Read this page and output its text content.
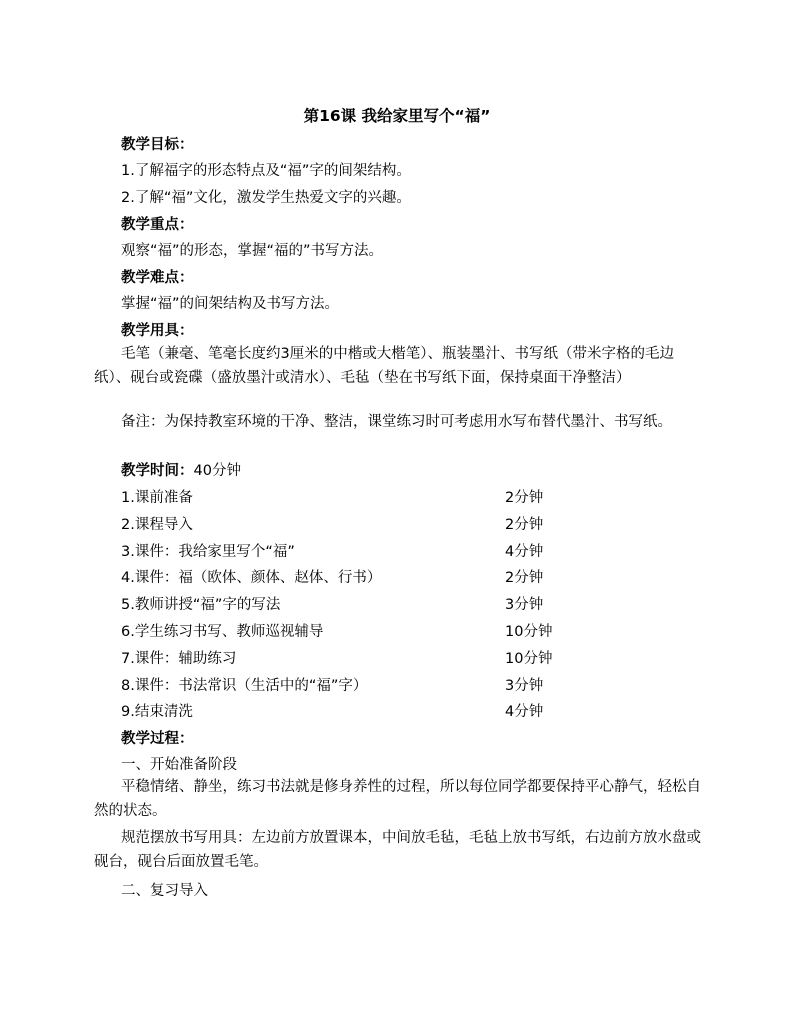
第16课 我给家里写个“福”
教学目标：
1.了解福字的形态特点及“福”字的间架结构。
2.了解“福”文化，激发学生热爱文字的兴趣。
教学重点：
观察“福”的形态，掌握“福的”书写方法。
教学难点：
掌握“福”的间架结构及书写方法。
教学用具：
毛笔（兼毫、笔毫长度约3厘米的中楷或大楷笔）、瓶装墨汁、书写纸（带米字格的毛边纸）、砚台或瓷碟（盛放墨汁或清水）、毛毡（垫在书写纸下面，保持桌面干净整洁）
备注：为保持教室环境的干净、整洁，课堂练习时可考虑用水写布替代墨汁、书写纸。
教学时间：40分钟
1.课前准备	2分钟
2.课程导入	2分钟
3.课件：我给家里写个“福”	4分钟
4.课件：福（欧体、颜体、赵体、行书）	2分钟
5.教师讲授“福”字的写法	3分钟
6.学生练习书写、教师巡视辅导	10分钟
7.课件：辅助练习	10分钟
8.课件：书法常识（生活中的“福”字）	3分钟
9.结束清洗	4分钟
教学过程：
一、开始准备阶段
平稳情绪、静坐，练习书法就是修身养性的过程，所以每位同学都要保持平心静气，轻松自然的状态。
规范摆放书写用具：左边前方放置课本，中间放毛毡，毛毡上放书写纸，右边前方放水盘或砚台，砚台后面放置毛笔。
二、复习导入
